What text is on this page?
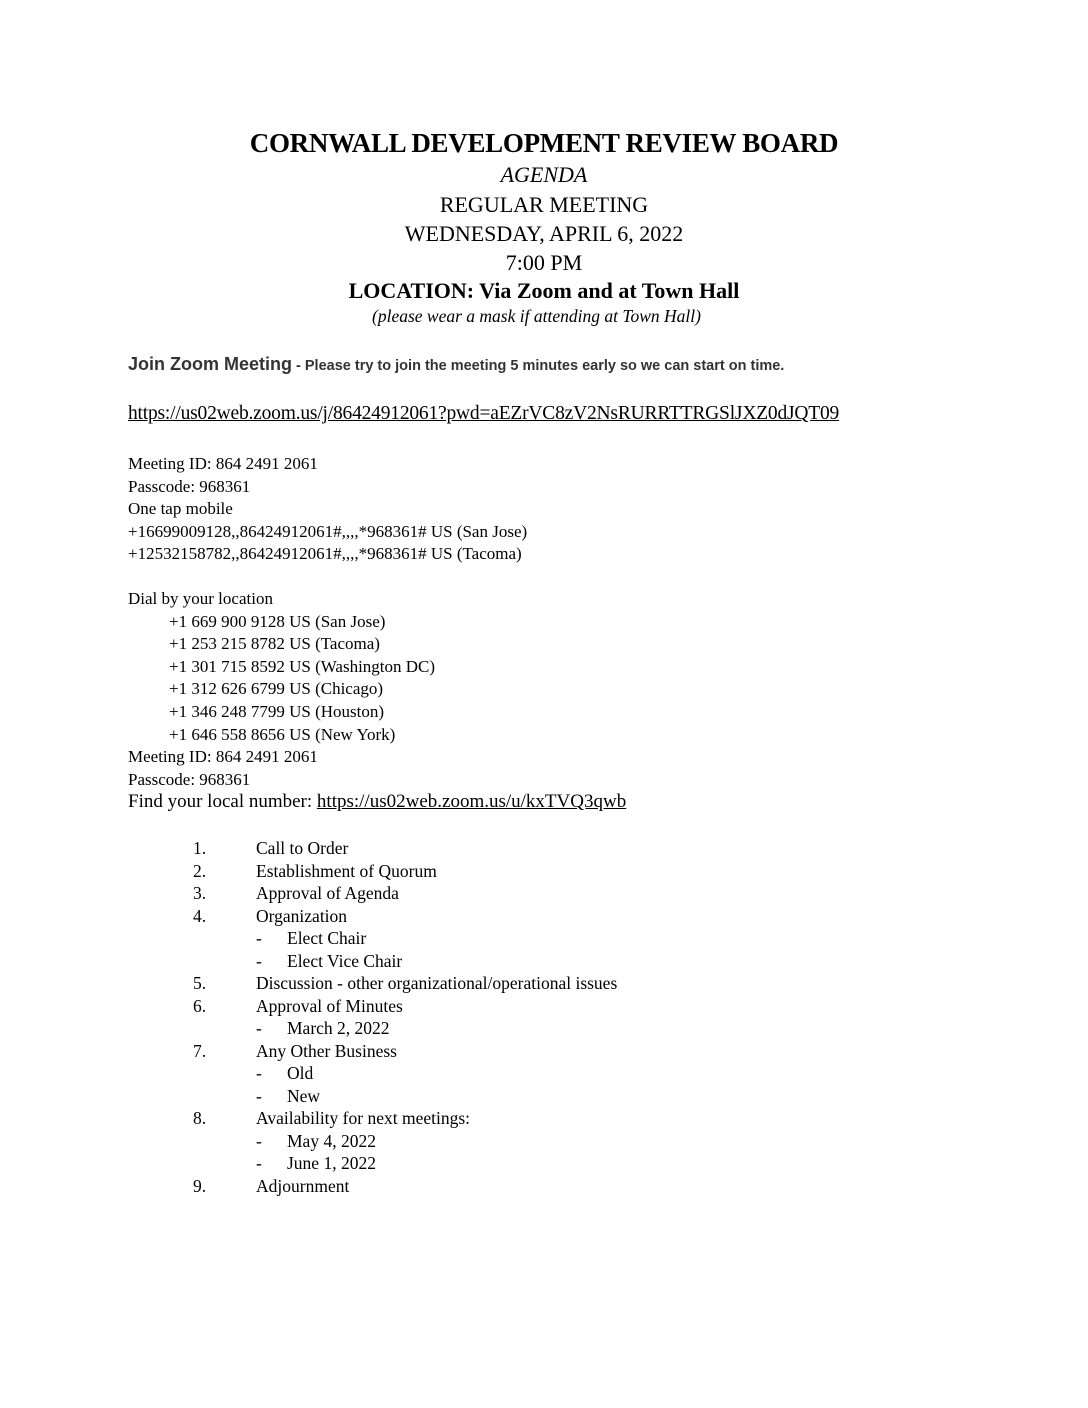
CORNWALL DEVELOPMENT REVIEW BOARD
AGENDA
REGULAR MEETING
WEDNESDAY, APRIL 6, 2022
7:00 PM
LOCATION: Via Zoom and at Town Hall
(please wear a mask if attending at Town Hall)
Join Zoom Meeting - Please try to join the meeting 5 minutes early so we can start on time.
https://us02web.zoom.us/j/86424912061?pwd=aEZrVC8zV2NsRURRTTRGSlJXZ0dJQT09
Meeting ID: 864 2491 2061
Passcode: 968361
One tap mobile
+16699009128,,86424912061#,,,,*968361# US (San Jose)
+12532158782,,86424912061#,,,,*968361# US (Tacoma)
Dial by your location
+1 669 900 9128 US (San Jose)
+1 253 215 8782 US (Tacoma)
+1 301 715 8592 US (Washington DC)
+1 312 626 6799 US (Chicago)
+1 346 248 7799 US (Houston)
+1 646 558 8656 US (New York)
Meeting ID: 864 2491 2061
Passcode: 968361
Find your local number: https://us02web.zoom.us/u/kxTVQ3qwb
1.	Call to Order
2.	Establishment of Quorum
3.	Approval of Agenda
4.	Organization
- Elect Chair
- Elect Vice Chair
5.	Discussion - other organizational/operational issues
6.	Approval of Minutes
- March 2, 2022
7.	Any Other Business
- Old
- New
8.	Availability for next meetings:
- May 4, 2022
- June 1, 2022
9.	Adjournment
